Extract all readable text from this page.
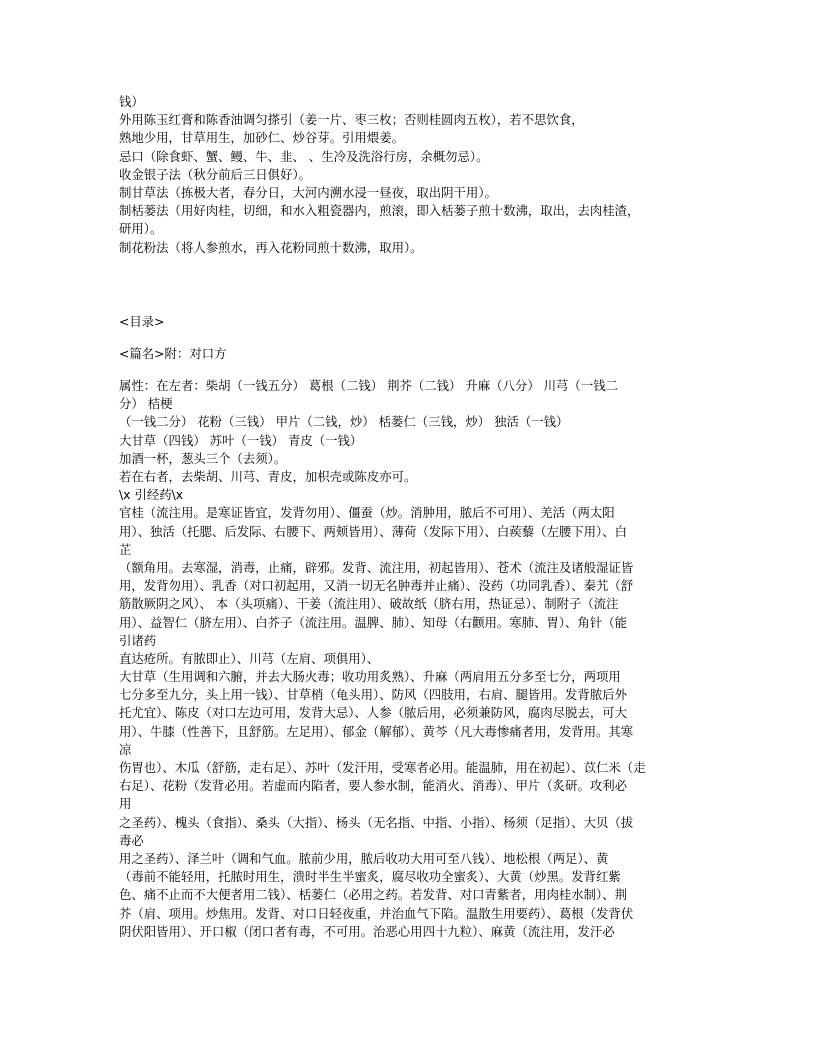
钱）
外用陈玉红膏和陈香油调匀搽引（姜一片、枣三枚；否则桂圆肉五枚），若不思饮食，
熟地少用，甘草用生，加砂仁、炒谷芽。引用煨姜。
忌口（除食虾、蟹、鳗、牛、韭、 、生冷及洗浴行房，余概勿忌）。
收金银子法（秋分前后三日俱好）。
制甘草法（拣极大者，春分日，大河内溯水浸一昼夜，取出阴干用）。
制栝蒌法（用好肉桂，切细，和水入粗瓷器内，煎滚，即入栝蒌子煎十数沸，取出，去肉桂渣，
研用）。
制花粉法（将人参煎水，再入花粉同煎十数沸，取用）。
<目录>
<篇名>附：对口方
属性：在左者：柴胡（一钱五分） 葛根（二钱） 荆芥（二钱） 升麻（八分） 川芎（一钱二
分） 桔梗
（一钱二分） 花粉（三钱） 甲片（二钱，炒） 栝蒌仁（三钱，炒） 独活（一钱）
大甘草（四钱） 苏叶（一钱） 青皮（一钱）
加酒一杯，葱头三个（去须）。
若在右者，去柴胡、川芎、青皮，加枳壳或陈皮亦可。
\x 引经药\x
官桂（流注用。是寒证皆宜，发背勿用）、僵蚕（炒。消肿用，脓后不可用）、羌活（两太阳
用）、独活（托腮、后发际、右腰下、两颊皆用）、薄荷（发际下用）、白蒺藜（左腰下用）、白
芷
（额角用。去寒湿，消毒，止痛，辟邪。发背、流注用，初起皆用）、苍术（流注及诸般湿证皆
用，发背勿用）、乳香（对口初起用，又消一切无名肿毒并止痛）、没药（功同乳香）、秦艽（舒
筋散厥阴之风）、 本（头项痛）、干姜（流注用）、破故纸（脐右用，热证忌）、制附子（流注
用）、益智仁（脐左用）、白芥子（流注用。温脾、肺）、知母（右颧用。寒肺、胃）、角针（能
引诸药
直达疮所。有脓即止）、川芎（左肩、项俱用）、
大甘草（生用调和六腑，并去大肠火毒；收功用炙熟）、升麻（两肩用五分多至七分，两项用
七分多至九分，头上用一钱）、甘草梢（龟头用）、防风（四肢用，右肩、腿皆用。发背脓后外
托尤宜）、陈皮（对口左边可用，发背大忌）、人参（脓后用，必须兼防风，腐肉尽脱去，可大
用）、牛膝（性善下，且舒筋。左足用）、郁金（解郁）、黄芩（凡大毒惨痛者用，发背用。其寒
凉
伤胃也）、木瓜（舒筋，走右足）、苏叶（发汗用，受寒者必用。能温肺，用在初起）、苡仁米（走
右足）、花粉（发背必用。若虚而内陷者，要人参水制，能消火、消毒）、甲片（炙研。攻利必
用
之圣药）、槐头（食指）、桑头（大指）、杨头（无名指、中指、小指）、杨须（足指）、大贝（拔
毒必
用之圣药）、泽兰叶（调和气血。脓前少用，脓后收功大用可至八钱）、地松根（两足）、黄
（毒前不能轻用，托脓时用生，溃时半生半蜜炙，腐尽收功全蜜炙）、大黄（炒黑。发背红紫
色、痛不止而不大便者用二钱）、栝蒌仁（必用之药。若发背、对口青紫者，用肉桂水制）、荆
芥（肩、项用。炒焦用。发背、对口日轻夜重，并治血气下陷。温散生用要药）、葛根（发背伏
阴伏阳皆用）、开口椒（闭口者有毒，不可用。治恶心用四十九粒）、麻黄（流注用，发汗必
